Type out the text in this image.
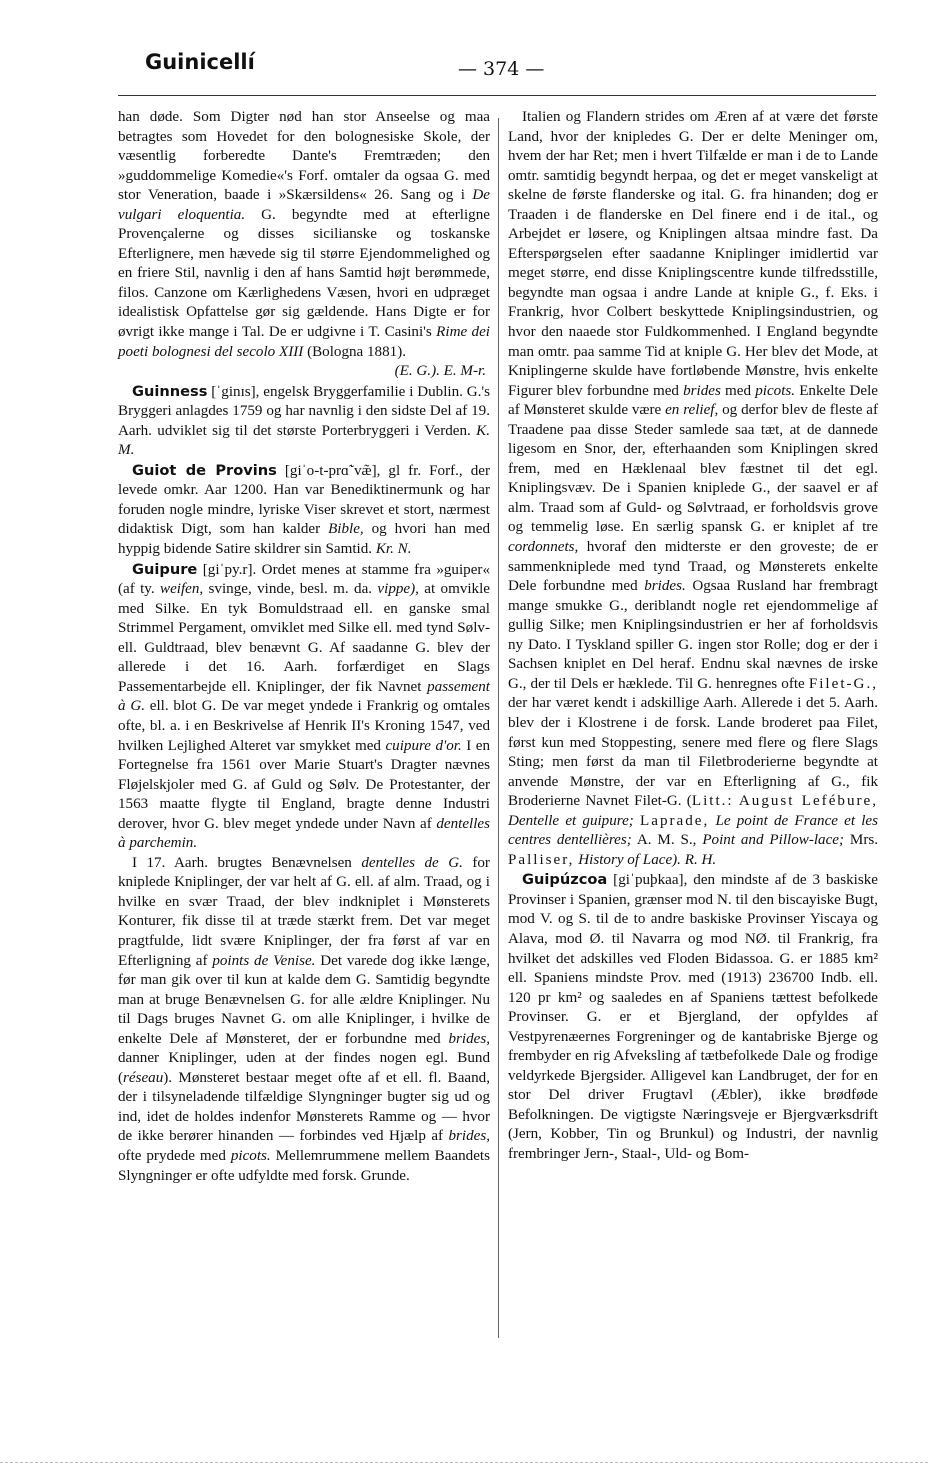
Guinicellí	— 374 —

han døde. Som Digter nød han stor Anseelse og maa betragtes som Hovedet for den bolognesiske Skole, der væsentlig forberedte Dante's Fremtræden; den »guddommelige Komedie«'s Forf. omtaler da ogsaa G. med stor Veneration, baade i »Skærsildens« 26. Sang og i De vulgari eloquentia. G. begyndte med at efterligne Provençalerne og disses sicilianske og toskanske Efterlignere, men hævede sig til større Ejendommelighed og en friere Stil, navnlig i den af hans Samtid højt berømmede, filos. Canzone om Kærlighedens Væsen, hvori en udpræget idealistisk Opfattelse gør sig gældende. Hans Digte er for øvrigt ikke mange i Tal. De er udgivne i T. Casini's Rime dei poeti bolognesi del secolo XIII (Bologna 1881).

(E. G.). E. M-r.

Guinness [ˈginɪs], engelsk Bryggerfamilie i Dublin. G.'s Bryggeri anlagdes 1759 og har navnlig i den sidste Del af 19. Aarh. udviklet sig til det største Porterbryggeri i Verden. K. M.

Guiot de Provins [giˈo-t-prɑ̃ˈvæ̃], gl fr. Forf., der levede omkr. Aar 1200. Han var Benediktinermunk og har foruden nogle mindre, lyriske Viser skrevet et stort, nærmest didaktisk Digt, som han kalder Bible, og hvori han med hyppig bidende Satire skildrer sin Samtid. Kr. N.

Guipure [giˈpy.r]. Ordet menes at stamme fra »guiper« (af ty. weifen, svinge, vinde, besl. m. da. vippe), at omvikle med Silke. En tyk Bomuldstraad ell. en ganske smal Strimmel Pergament, omviklet med Silke ell. med tynd Sølv- ell. Guldtraad, blev benævnt G. Af saadanne G. blev der allerede i det 16. Aarh. forfærdiget en Slags Passementarbejde ell. Kniplinger, der fik Navnet passement à G. ell. blot G. De var meget yndede i Frankrig og omtales ofte, bl. a. i en Beskrivelse af Henrik II's Kroning 1547, ved hvilken Lejlighed Alteret var smykket med cuipure d'or. I en Fortegnelse fra 1561 over Marie Stuart's Dragter nævnes Fløjelskjoler med G. af Guld og Sølv. De Protestanter, der 1563 maatte flygte til England, bragte denne Industri derover, hvor G. blev meget yndede under Navn af dentelles à parchemin.

I 17. Aarh. brugtes Benævnelsen dentelles de G. for kniplede Kniplinger, der var helt af G. ell. af alm. Traad, og i hvilke en svær Traad, der blev indkniplet i Mønsterets Konturer, fik disse til at træde stærkt frem. Det var meget pragtfulde, lidt svære Kniplinger, der fra først af var en Efterligning af points de Venise. Det varede dog ikke længe, før man gik over til kun at kalde dem G. Samtidig begyndte man at bruge Benævnelsen G. for alle ældre Kniplinger. Nu til Dags bruges Navnet G. om alle Kniplinger, i hvilke de enkelte Dele af Mønsteret, der er forbundne med brides, danner Kniplinger, uden at der findes nogen egl. Bund (réseau). Mønsteret bestaar meget ofte af et ell. fl. Baand, der i tilsyneladende tilfældige Slyngninger bugter sig ud og ind, idet de holdes indenfor Mønsterets Ramme og — hvor de ikke berører hinanden — forbindes ved Hjælp af brides, ofte prydede med picots. Mellemrummene mellem Baandets Slyngninger er ofte udfyldte med forsk. Grunde.

Italien og Flandern strides om Æren af at være det første Land, hvor der knipledes G. Der er delte Meninger om, hvem der har Ret; men i hvert Tilfælde er man i de to Lande omtr. samtidig begyndt herpaa, og det er meget vanskeligt at skelne de første flanderske og ital. G. fra hinanden; dog er Traaden i de flanderske en Del finere end i de ital., og Arbejdet er løsere, og Kniplingen altsaa mindre fast. Da Efterspørgselen efter saadanne Kniplinger imidlertid var meget større, end disse Kniplingscentre kunde tilfredsstille, begyndte man ogsaa i andre Lande at kniple G., f. Eks. i Frankrig, hvor Colbert beskyttede Kniplingsindustrien, og hvor den naaede stor Fuldkommenhed. I England begyndte man omtr. paa samme Tid at kniple G. Her blev det Mode, at Kniplingerne skulde have fortløbende Mønstre, hvis enkelte Figurer blev forbundne med brides med picots. Enkelte Dele af Mønsteret skulde være en relief, og derfor blev de fleste af Traadene paa disse Steder samlede saa tæt, at de dannede ligesom en Snor, der, efterhaanden som Kniplingen skred frem, med en Hæklenaal blev fæstnet til det egl. Kniplingsvæv. De i Spanien kniplede G., der saavel er af alm. Traad som af Guld- og Sølvtraad, er forholdsvis grove og temmelig løse. En særlig spansk G. er kniplet af tre cordonnets, hvoraf den midterste er den groveste; de er sammenkniplede med tynd Traad, og Mønsterets enkelte Dele forbundne med brides. Ogsaa Rusland har frembragt mange smukke G., deriblandt nogle ret ejendommelige af gullig Silke; men Kniplingsindustrien er her af forholdsvis ny Dato. I Tyskland spiller G. ingen stor Rolle; dog er der i Sachsen kniplet en Del heraf. Endnu skal nævnes de irske G., der til Dels er hæklede. Til G. henregnes ofte Filet-G., der har været kendt i adskillige Aarh. Allerede i det 5. Aarh. blev der i Klostrene i de forsk. Lande broderet paa Filet, først kun med Stoppesting, senere med flere og flere Slags Sting; men først da man til Filetbroderierne begyndte at anvende Mønstre, der var en Efterligning af G., fik Broderierne Navnet Filet-G. (Litt.: August Lefébure, Dentelle et guipure; Laprade, Le point de France et les centres dentellières; A. M. S., Point and Pillow-lace; Mrs. Palliser, History of Lace). R. H.

Guipúzcoa [giˈpuþkaa], den mindste af de 3 baskiske Provinser i Spanien, grænser mod N. til den biscayiske Bugt, mod V. og S. til de to andre baskiske Provinser Yiscaya og Alava, mod Ø. til Navarra og mod NØ. til Frankrig, fra hvilket det adskilles ved Floden Bidassoa. G. er 1885 km² ell. Spaniens mindste Prov. med (1913) 236700 Indb. ell. 120 pr km² og saaledes en af Spaniens tættest befolkede Provinser. G. er et Bjergland, der opfyldes af Vestpyrenæernes Forgreninger og de kantabriske Bjerge og frembyder en rig Afveksling af tætbefolkede Dale og frodige veldyrkede Bjergsider. Alligevel kan Landbruget, der for en stor Del driver Frugtavl (Æbler), ikke brødføde Befolkningen. De vigtigste Næringsveje er Bjergværksdrift (Jern, Kobber, Tin og Brunkul) og Industri, der navnlig frembringer Jern-, Staal-, Uld- og Bom-
